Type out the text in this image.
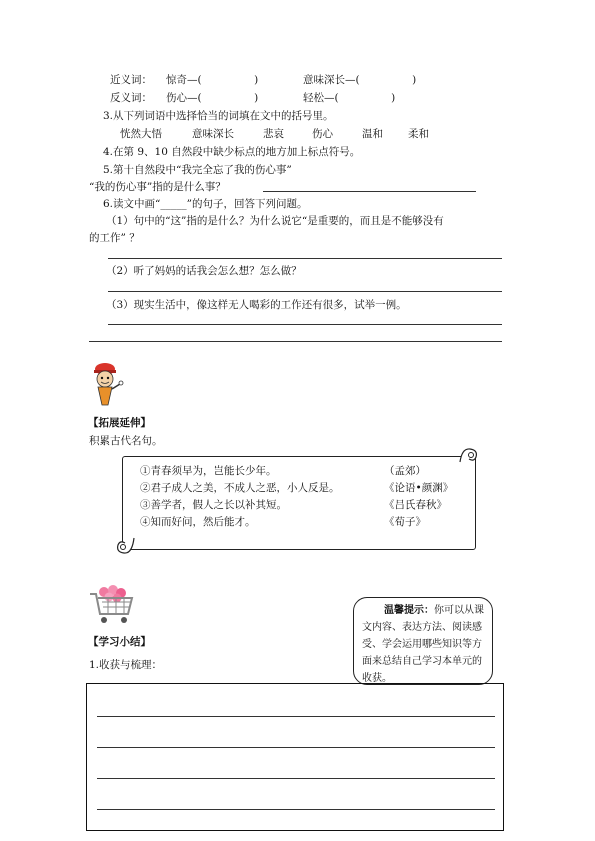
近义词： 惊奇—(　　　　　)	意味深长—(　　　　　)
反义词： 伤心—(　　　　　)	轻松—(　　　　　)
3.从下列词语中选择恰当的词填在文中的括号里。
恍然大悟	意味深长	悲哀	伤心	温和 柔和
4.在第 9、10 自然段中缺少标点的地方加上标点符号。
5.第十自然段中“我完全忘了我的伤心事”
“我的伤心事”指的是什么事？
6.读文中画“_____”的句子，回答下列问题。
（1）句中的“这”指的是什么？为什么说它“是重要的，而且是不能够没有
的工作” ？
（2）听了妈妈的话我会怎么想？怎么做？
（3）现实生活中，像这样无人喝彩的工作还有很多，试举一例。
【拓展延伸】
积累古代名句。
①青春须早为，岂能长少年。	（孟郊）
②君子成人之美，不成人之恶，小人反是。	《论语•颜渊》
③善学者，假人之长以补其短。	《吕氏春秋》
④知而好问，然后能才。	《荀子》
【学习小结】
1.收获与梳理：
温馨提示：你可以从课文内容、表达方法、阅读感受、学会运用哪些知识等方面来总结自己学习本单元的收获。
